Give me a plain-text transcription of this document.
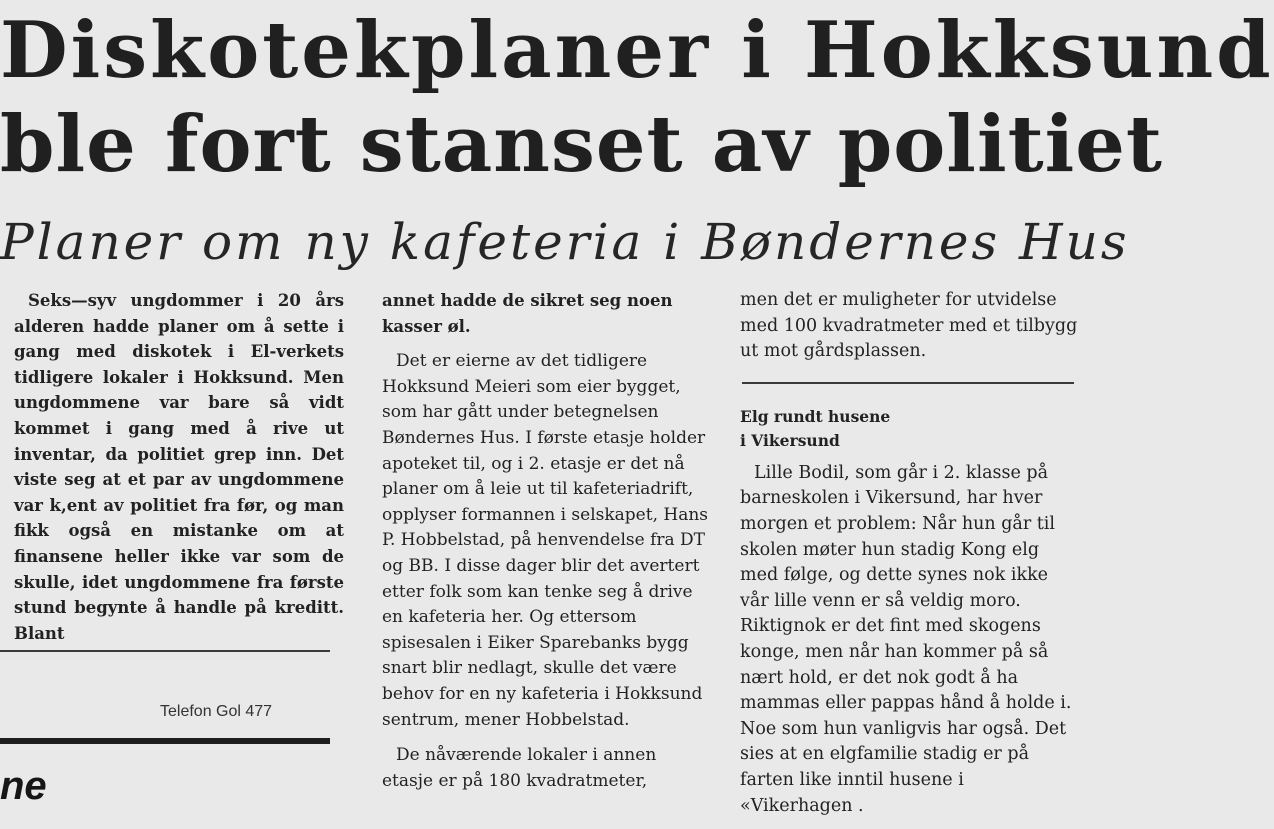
Diskotekplaner i Hokksund
ble fort stanset av politiet
Planer om ny kafeteria i Bøndernes Hus

Seks—syv ungdommer i 20 års alderen hadde planer om å sette i gang med diskotek i El-verkets tidligere lokaler i Hokksund. Men ungdommene var bare så vidt kommet i gang med å rive ut inventar, da politiet grep inn. Det viste seg at et par av ungdommene var k,ent av politiet fra før, og man fikk også en mistanke om at finansene heller ikke var som de skulle, idet ungdommene fra første stund begynte å handle på kreditt. Blant

annet hadde de sikret seg noen kasser øl.

Det er eierne av det tidligere Hokksund Meieri som eier bygget, som har gått under betegnelsen Bøndernes Hus. I første etasje holder apoteket til, og i 2. etasje er det nå planer om å leie ut til kafeteriadrift, opplyser formannen i selskapet, Hans P. Hobbelstad, på henvendelse fra DT og BB. I disse dager blir det avertert etter folk som kan tenke seg å drive en kafeteria her. Og ettersom spisesalen i Eiker Sparebanks bygg snart blir nedlagt, skulle det være behov for en ny kafeteria i Hokksund sentrum, mener Hobbelstad.

De nåværende lokaler i annen etasje er på 180 kvadratmeter,

men det er muligheter for utvidelse med 100 kvadratmeter med et tilbygg ut mot gårdsplassen.

Elg rundt husene
i Vikersund

Lille Bodil, som går i 2. klasse på barneskolen i Vikersund, har hver morgen et problem: Når hun går til skolen møter hun stadig Kong elg med følge, og dette synes nok ikke vår lille venn er så veldig moro. Riktignok er det fint med skogens konge, men når han kommer på så nært hold, er det nok godt å ha mammas eller pappas hånd å holde i. Noe som hun vanligvis har også. Det sies at en elgfamilie stadig er på farten like inntil husene i «Vikerhagen .

Telefon Gol 477
ne
